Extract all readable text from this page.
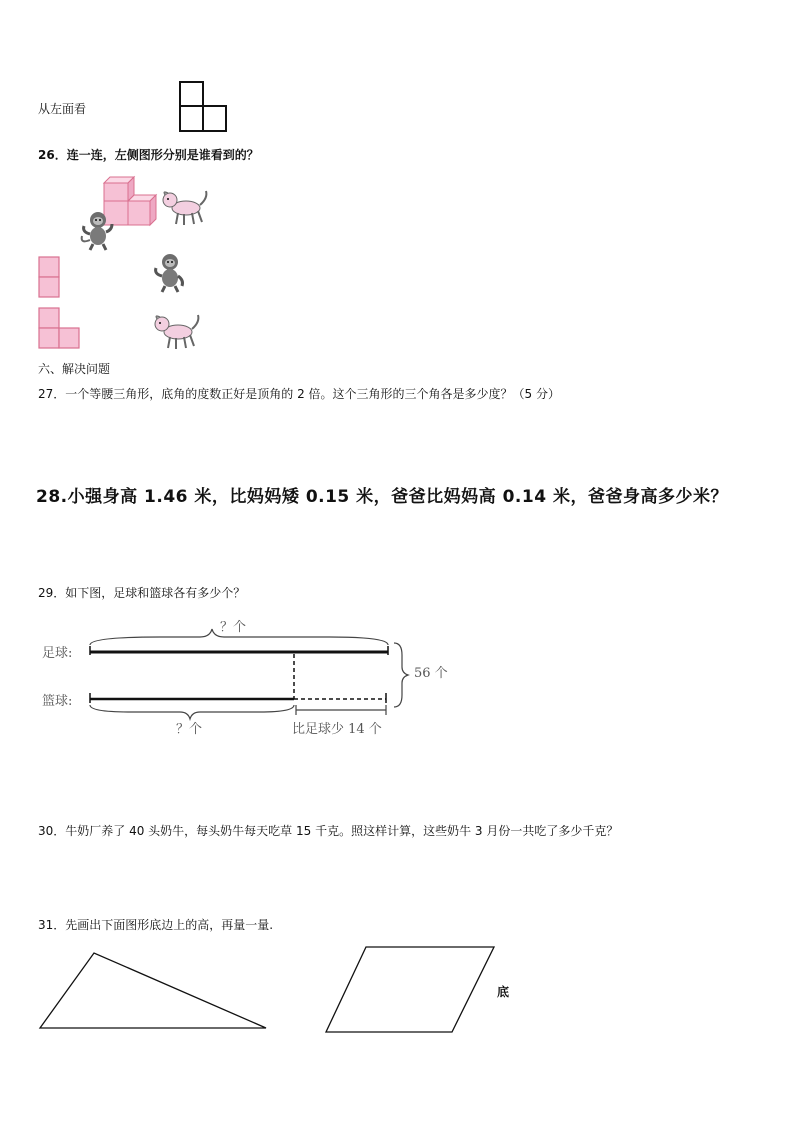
从左面看
26．连一连，左侧图形分别是谁看到的？
六、解决问题
27．一个等腰三角形，底角的度数正好是顶角的 2 倍。这个三角形的三个角各是多少度？（5 分）
28.小强身高 1.46 米，比妈妈矮 0.15 米，爸爸比妈妈高 0.14 米，爸爸身高多少米？
29．如下图，足球和篮球各有多少个？
足球:
篮球:
？个
？个	比足球少 14 个
56 个
30．牛奶厂养了 40 头奶牛，每头奶牛每天吃草 15 千克。照这样计算，这些奶牛 3 月份一共吃了多少千克？
31．先画出下面图形底边上的高，再量一量.
底
